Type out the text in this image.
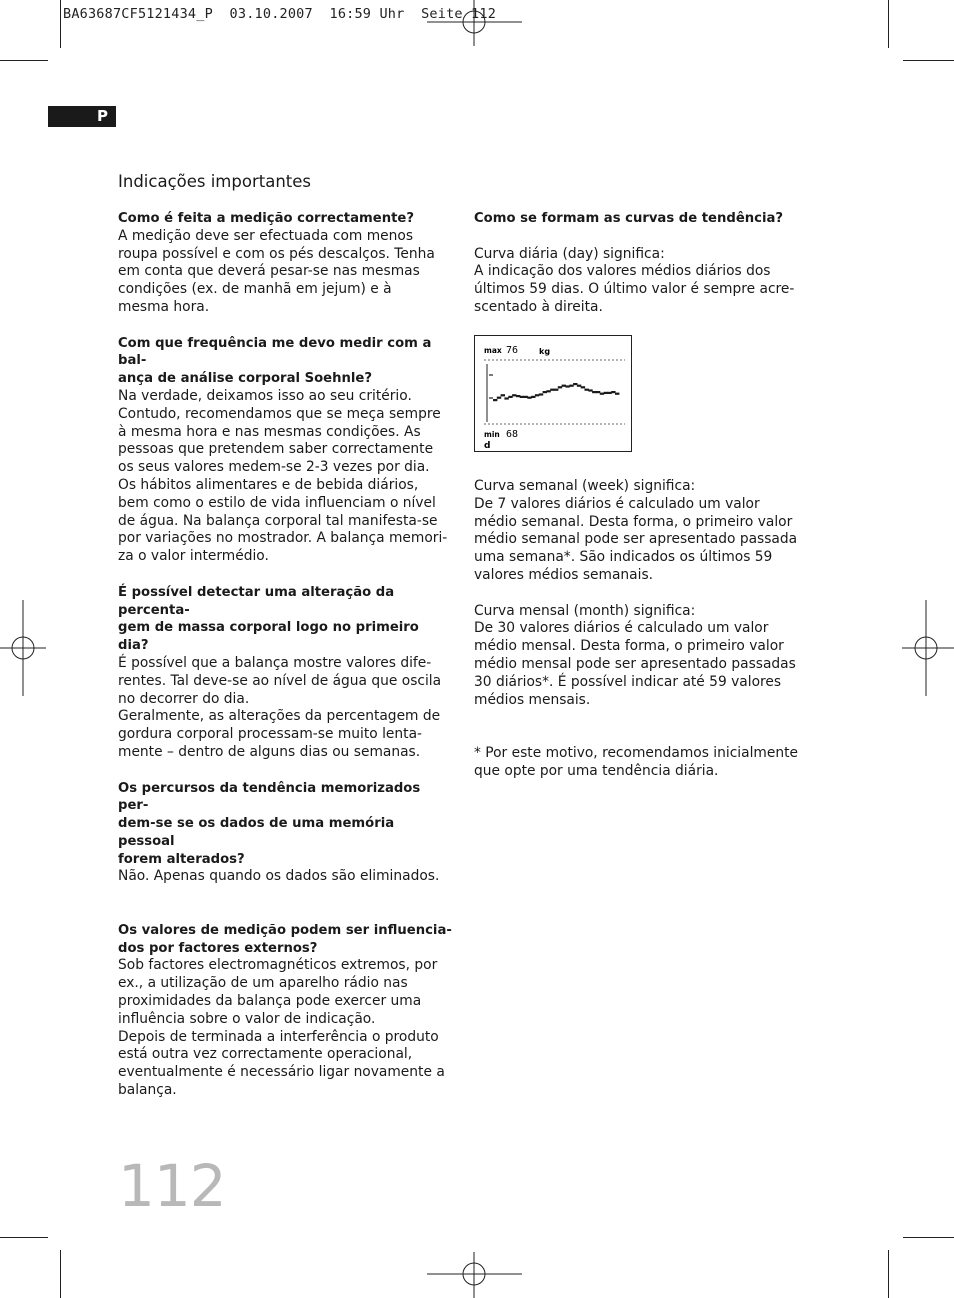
BA63687CF5121434_P  03.10.2007  16:59 Uhr  Seite 112
P
Indicações importantes
Como é feita a medição correctamente?
A medição deve ser efectuada com menos
roupa possível e com os pés descalços. Tenha
em conta que deverá pesar-se nas mesmas
condições (ex. de manhã em jejum) e à
mesma hora.
Com que frequência me devo medir com a bal-
ança de análise corporal Soehnle?
Na verdade, deixamos isso ao seu critério.
Contudo, recomendamos que se meça sempre
à mesma hora e nas mesmas condições. As
pessoas que pretendem saber correctamente
os seus valores medem-se 2-3 vezes por dia.
Os hábitos alimentares e de bebida diários,
bem como o estilo de vida influenciam o nível
de água. Na balança corporal tal manifesta-se
por variações no mostrador. A balança memori-
za o valor intermédio.
É possível detectar uma alteração da percenta-
gem de massa corporal logo no primeiro dia?
É possível que a balança mostre valores dife-
rentes. Tal deve-se ao nível de água que oscila
no decorrer do dia.
Geralmente, as alterações da percentagem de
gordura corporal processam-se muito lenta-
mente – dentro de alguns dias ou semanas.
Os percursos da tendência memorizados per-
dem-se se os dados de uma memória pessoal
forem alterados?
Não. Apenas quando os dados são eliminados.
Os valores de medição podem ser influencia-
dos por factores externos?
Sob factores electromagnéticos extremos, por
ex., a utilização de um aparelho rádio nas
proximidades da balança pode exercer uma
influência sobre o valor de indicação.
Depois de terminada a interferência o produto
está outra vez correctamente operacional,
eventualmente é necessário ligar novamente a
balança.
Como se formam as curvas de tendência?
Curva diária (day) significa:
A indicação dos valores médios diários dos
últimos 59 dias. O último valor é sempre acre-
scentado à direita.
max 76	kg
min 68
d
Curva semanal (week) significa:
De 7 valores diários é calculado um valor
médio semanal. Desta forma, o primeiro valor
médio semanal pode ser apresentado passada
uma semana*. São indicados os últimos 59
valores médios semanais.
Curva mensal (month) significa:
De 30 valores diários é calculado um valor
médio mensal. Desta forma, o primeiro valor
médio mensal pode ser apresentado passadas
30 diários*. É possível indicar até 59 valores
médios mensais.
* Por este motivo, recomendamos inicialmente
que opte por uma tendência diária.
112
